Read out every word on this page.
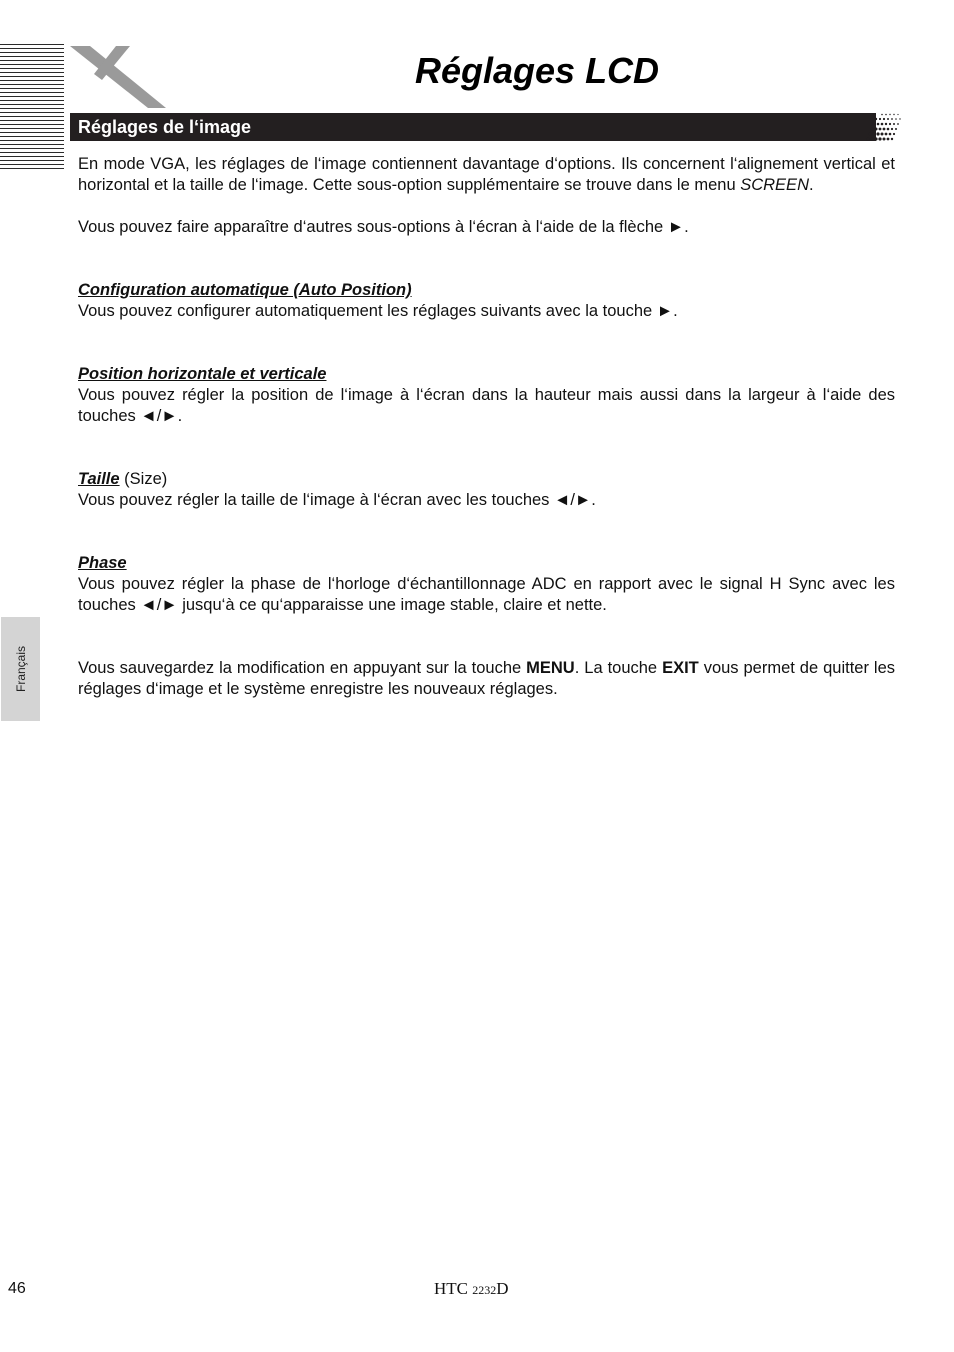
Réglages LCD
Réglages de l‘image

En mode VGA, les réglages de l‘image contiennent davantage d‘options. Ils concernent l‘alignement vertical et horizontal et la taille de l‘image. Cette sous-option supplémentaire se trouve dans le menu SCREEN.

Vous pouvez faire apparaître d‘autres sous-options à l‘écran à l‘aide de la flèche ►.

Configuration automatique (Auto Position)

Vous pouvez configurer automatiquement les réglages suivants avec la touche ►.

Position horizontale et verticale

Vous pouvez régler la position de l‘image à l‘écran dans la hauteur mais aussi dans la largeur à l‘aide des touches ◄/►.

Taille (Size)

Vous pouvez régler la taille de l‘image à l‘écran avec les touches ◄/►.

Phase

Vous pouvez régler la phase de l‘horloge d‘échantillonnage ADC en rapport avec le signal H Sync avec les touches ◄/► jusqu‘à ce qu‘apparaisse une image stable, claire et nette.

Vous sauvegardez la modification en appuyant sur la touche MENU. La touche EXIT vous permet de quitter les réglages d‘image et le système enregistre les nouveaux réglages.

Français
46	HTC 2232D
